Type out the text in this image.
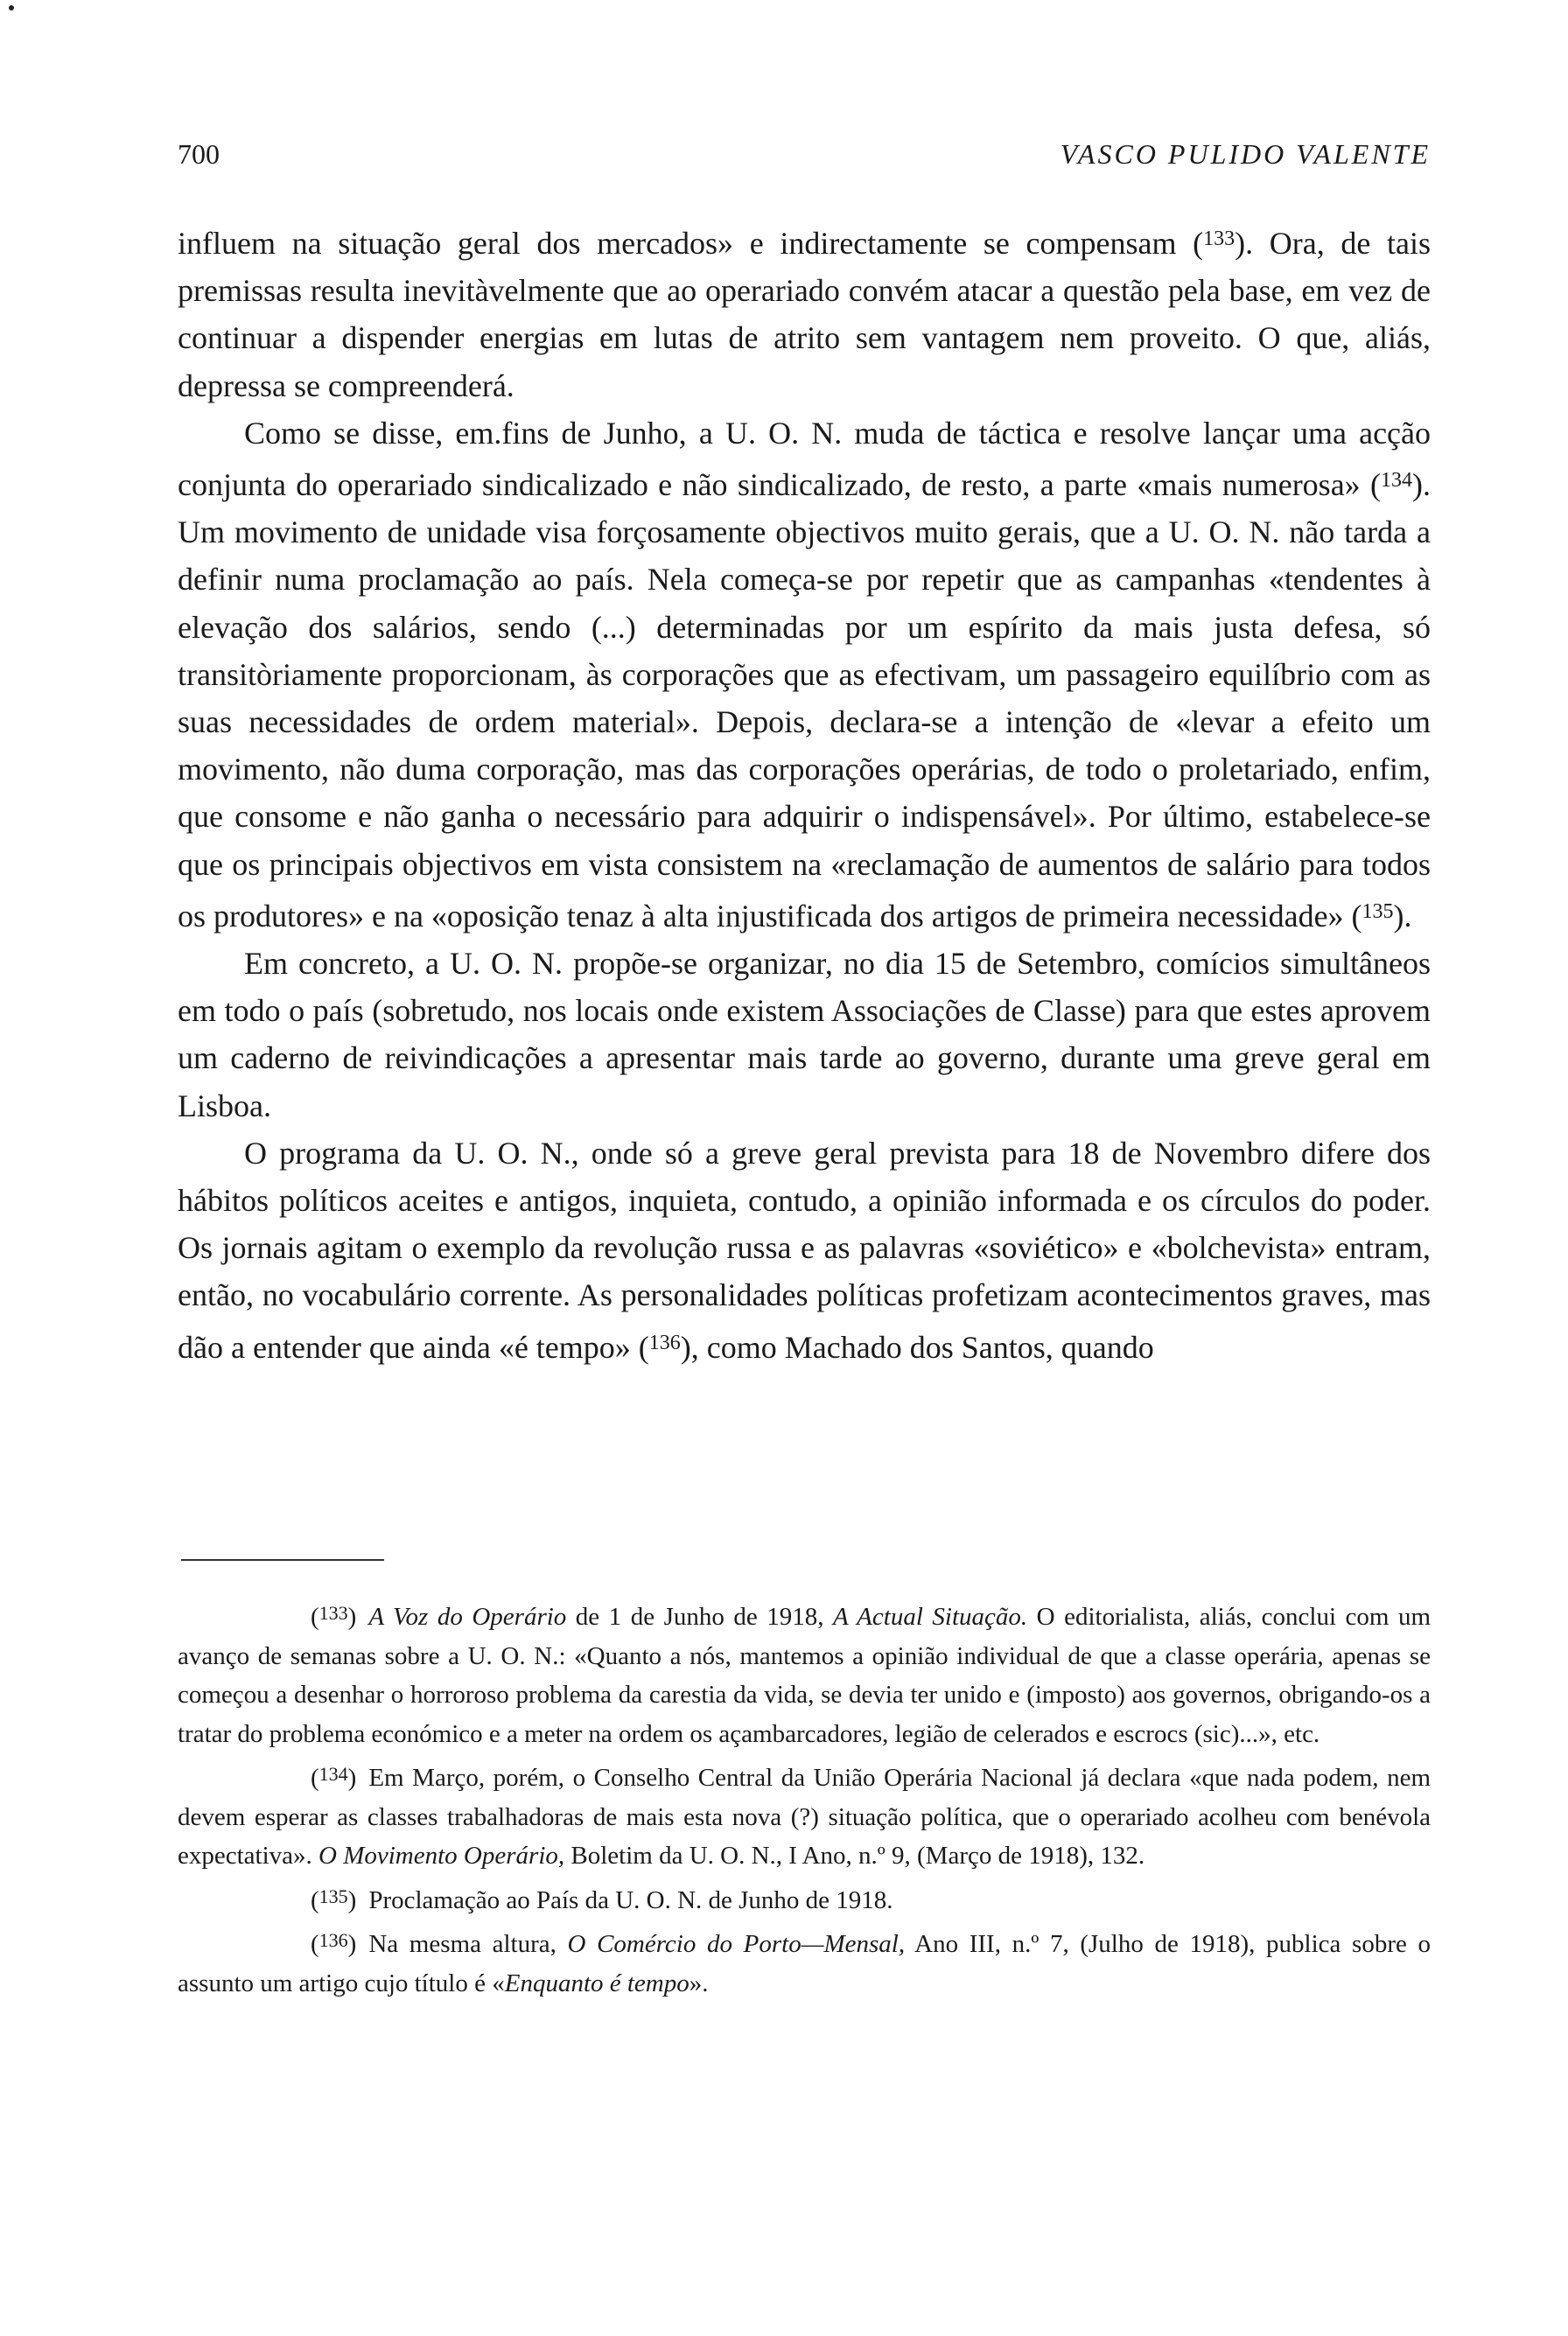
700	VASCO PULIDO VALENTE

influem na situação geral dos mercados» e indirectamente se compensam ($^{133}$). Ora, de tais premissas resulta inevitàvelmente que ao operariado convém atacar a questão pela base, em vez de continuar a dispender energias em lutas de atrito sem vantagem nem proveito. O que, aliás, depressa se compreenderá.

Como se disse, em.fins de Junho, a U. O. N. muda de táctica e resolve lançar uma acção conjunta do operariado sindicalizado e não sindicalizado, de resto, a parte «mais numerosa» ($^{134}$). Um movimento de unidade visa forçosamente objectivos muito gerais, que a U. O. N. não tarda a definir numa proclamação ao país. Nela começa-se por repetir que as campanhas «tendentes à elevação dos salários, sendo (...) determinadas por um espírito da mais justa defesa, só transitòriamente proporcionam, às corporações que as efectivam, um passageiro equilíbrio com as suas necessidades de ordem material». Depois, declara-se a intenção de «levar a efeito um movimento, não duma corporação, mas das corporações operárias, de todo o proletariado, enfim, que consome e não ganha o necessário para adquirir o indispensável». Por último, estabelece-se que os principais objectivos em vista consistem na «reclamação de aumentos de salário para todos os produtores» e na «oposição tenaz à alta injustificada dos artigos de primeira necessidade» ($^{135}$).

Em concreto, a U. O. N. propõe-se organizar, no dia 15 de Setembro, comícios simultâneos em todo o país (sobretudo, nos locais onde existem Associações de Classe) para que estes aprovem um caderno de reivindicações a apresentar mais tarde ao governo, durante uma greve geral em Lisboa.

O programa da U. O. N., onde só a greve geral prevista para 18 de Novembro difere dos hábitos políticos aceites e antigos, inquieta, contudo, a opinião informada e os círculos do poder. Os jornais agitam o exemplo da revolução russa e as palavras «soviético» e «bolchevista» entram, então, no vocabulário corrente. As personalidades políticas profetizam acontecimentos graves, mas dão a entender que ainda «é tempo» ($^{136}$), como Machado dos Santos, quando

($^{133}$) A Voz do Operário de 1 de Junho de 1918, A Actual Situação. O editorialista, aliás, conclui com um avanço de semanas sobre a U. O. N.: «Quanto a nós, mantemos a opinião individual de que a classe operária, apenas se começou a desenhar o horroroso problema da carestia da vida, se devia ter unido e (imposto) aos governos, obrigando-os a tratar do problema económico e a meter na ordem os açambarcadores, legião de celerados e escrocs (sic)...», etc.

($^{134}$) Em Março, porém, o Conselho Central da União Operária Nacional já declara «que nada podem, nem devem esperar as classes trabalhadoras de mais esta nova (?) situação política, que o operariado acolheu com benévola expectativa». O Movimento Operário, Boletim da U. O. N., I Ano, n.º 9, (Março de 1918), 132.

($^{135}$) Proclamação ao País da U. O. N. de Junho de 1918.

($^{136}$) Na mesma altura, O Comércio do Porto—Mensal, Ano III, n.º 7, (Julho de 1918), publica sobre o assunto um artigo cujo título é «Enquanto é tempo».
